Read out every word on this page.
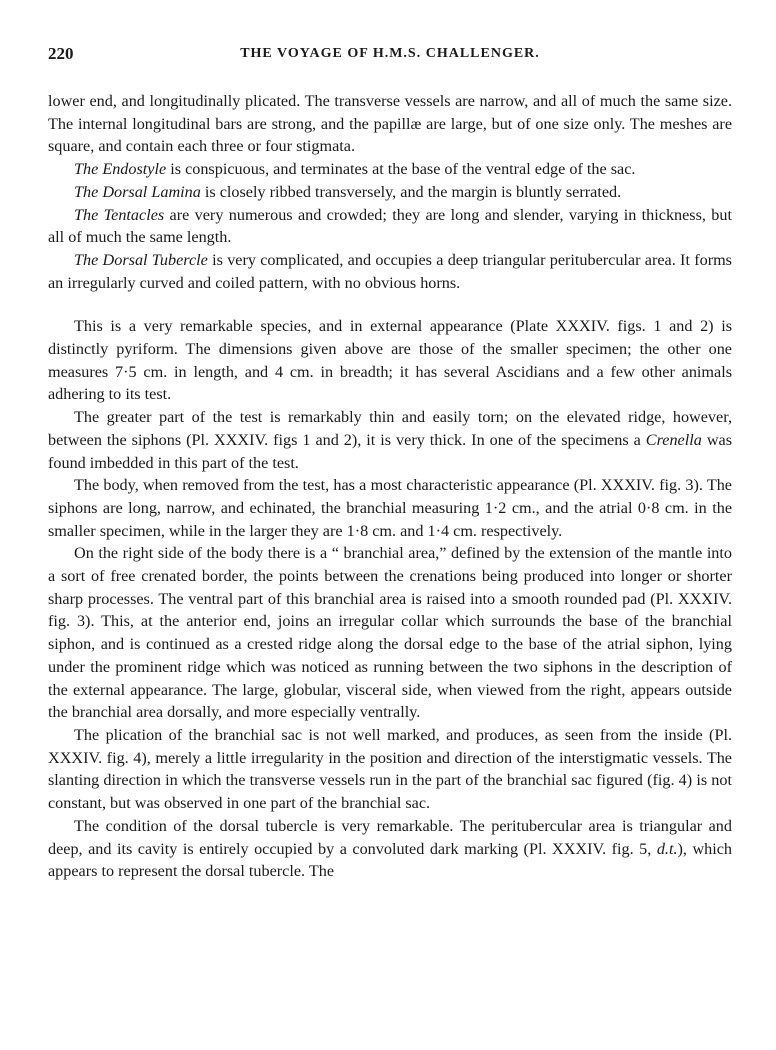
220	THE VOYAGE OF H.M.S. CHALLENGER.

lower end, and longitudinally plicated. The transverse vessels are narrow, and all of much the same size. The internal longitudinal bars are strong, and the papillæ are large, but of one size only. The meshes are square, and contain each three or four stigmata.

The Endostyle is conspicuous, and terminates at the base of the ventral edge of the sac.

The Dorsal Lamina is closely ribbed transversely, and the margin is bluntly serrated.

The Tentacles are very numerous and crowded; they are long and slender, varying in thickness, but all of much the same length.

The Dorsal Tubercle is very complicated, and occupies a deep triangular peritubercular area. It forms an irregularly curved and coiled pattern, with no obvious horns.

This is a very remarkable species, and in external appearance (Plate XXXIV. figs. 1 and 2) is distinctly pyriform. The dimensions given above are those of the smaller specimen; the other one measures 7·5 cm. in length, and 4 cm. in breadth; it has several Ascidians and a few other animals adhering to its test.

The greater part of the test is remarkably thin and easily torn; on the elevated ridge, however, between the siphons (Pl. XXXIV. figs 1 and 2), it is very thick. In one of the specimens a Crenella was found imbedded in this part of the test.

The body, when removed from the test, has a most characteristic appearance (Pl. XXXIV. fig. 3). The siphons are long, narrow, and echinated, the branchial measuring 1·2 cm., and the atrial 0·8 cm. in the smaller specimen, while in the larger they are 1·8 cm. and 1·4 cm. respectively.

On the right side of the body there is a “ branchial area,” defined by the extension of the mantle into a sort of free crenated border, the points between the crenations being produced into longer or shorter sharp processes. The ventral part of this branchial area is raised into a smooth rounded pad (Pl. XXXIV. fig. 3). This, at the anterior end, joins an irregular collar which surrounds the base of the branchial siphon, and is continued as a crested ridge along the dorsal edge to the base of the atrial siphon, lying under the prominent ridge which was noticed as running between the two siphons in the description of the external appearance. The large, globular, visceral side, when viewed from the right, appears outside the branchial area dorsally, and more especially ventrally.

The plication of the branchial sac is not well marked, and produces, as seen from the inside (Pl. XXXIV. fig. 4), merely a little irregularity in the position and direction of the interstigmatic vessels. The slanting direction in which the transverse vessels run in the part of the branchial sac figured (fig. 4) is not constant, but was observed in one part of the branchial sac.

The condition of the dorsal tubercle is very remarkable. The peritubercular area is triangular and deep, and its cavity is entirely occupied by a convoluted dark marking (Pl. XXXIV. fig. 5, d.t.), which appears to represent the dorsal tubercle. The
